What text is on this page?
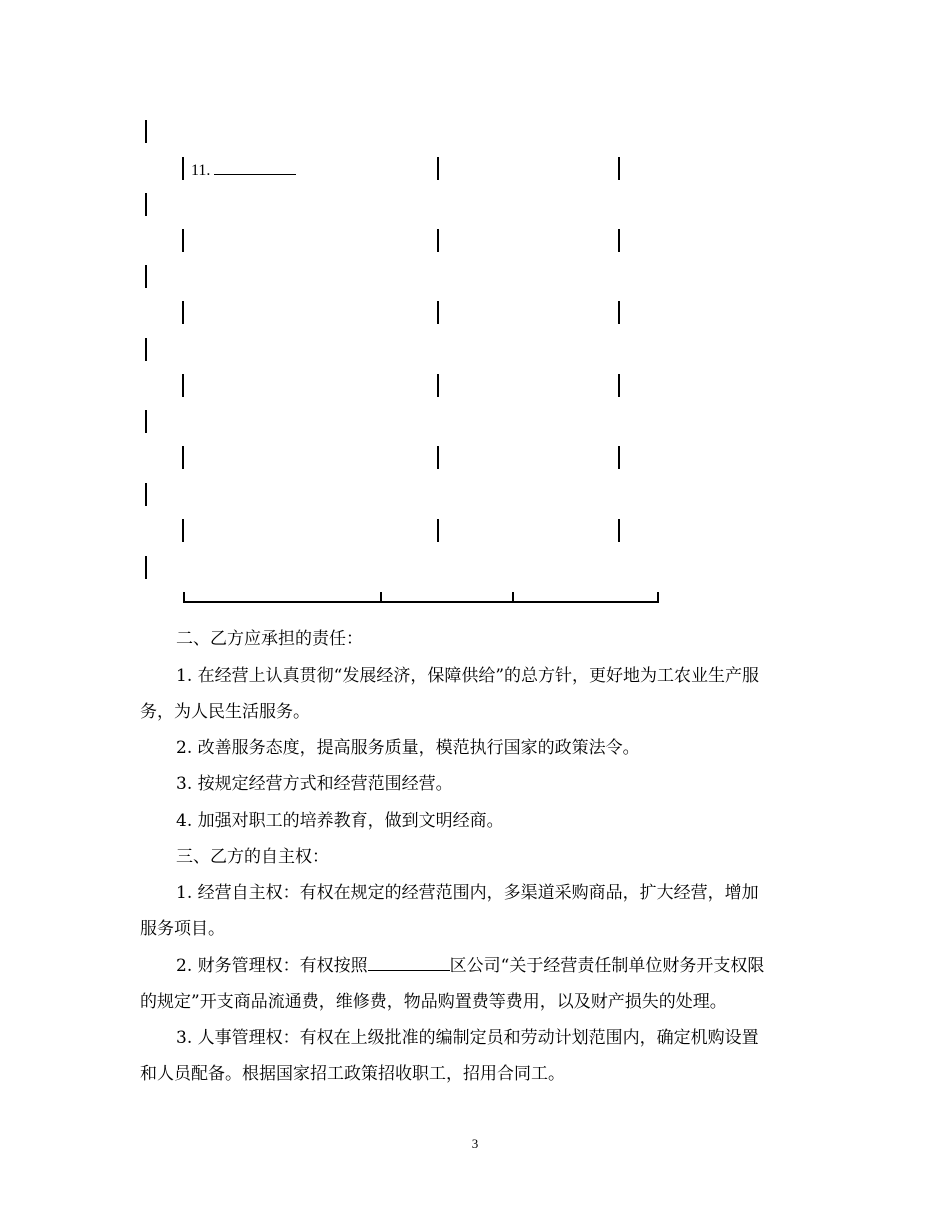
11.
二、乙方应承担的责任：
1. 在经营上认真贯彻“发展经济，保障供给”的总方针，更好地为工农业生产服
务，为人民生活服务。
2. 改善服务态度，提高服务质量，模范执行国家的政策法令。
3. 按规定经营方式和经营范围经营。
4. 加强对职工的培养教育，做到文明经商。
三、乙方的自主权：
1. 经营自主权：有权在规定的经营范围内，多渠道采购商品，扩大经营，增加
服务项目。
2. 财务管理权：有权按照	区公司“关于经营责任制单位财务开支权限
的规定”开支商品流通费，维修费，物品购置费等费用，以及财产损失的处理。
3. 人事管理权：有权在上级批准的编制定员和劳动计划范围内，确定机购设置
和人员配备。根据国家招工政策招收职工，招用合同工。
3
